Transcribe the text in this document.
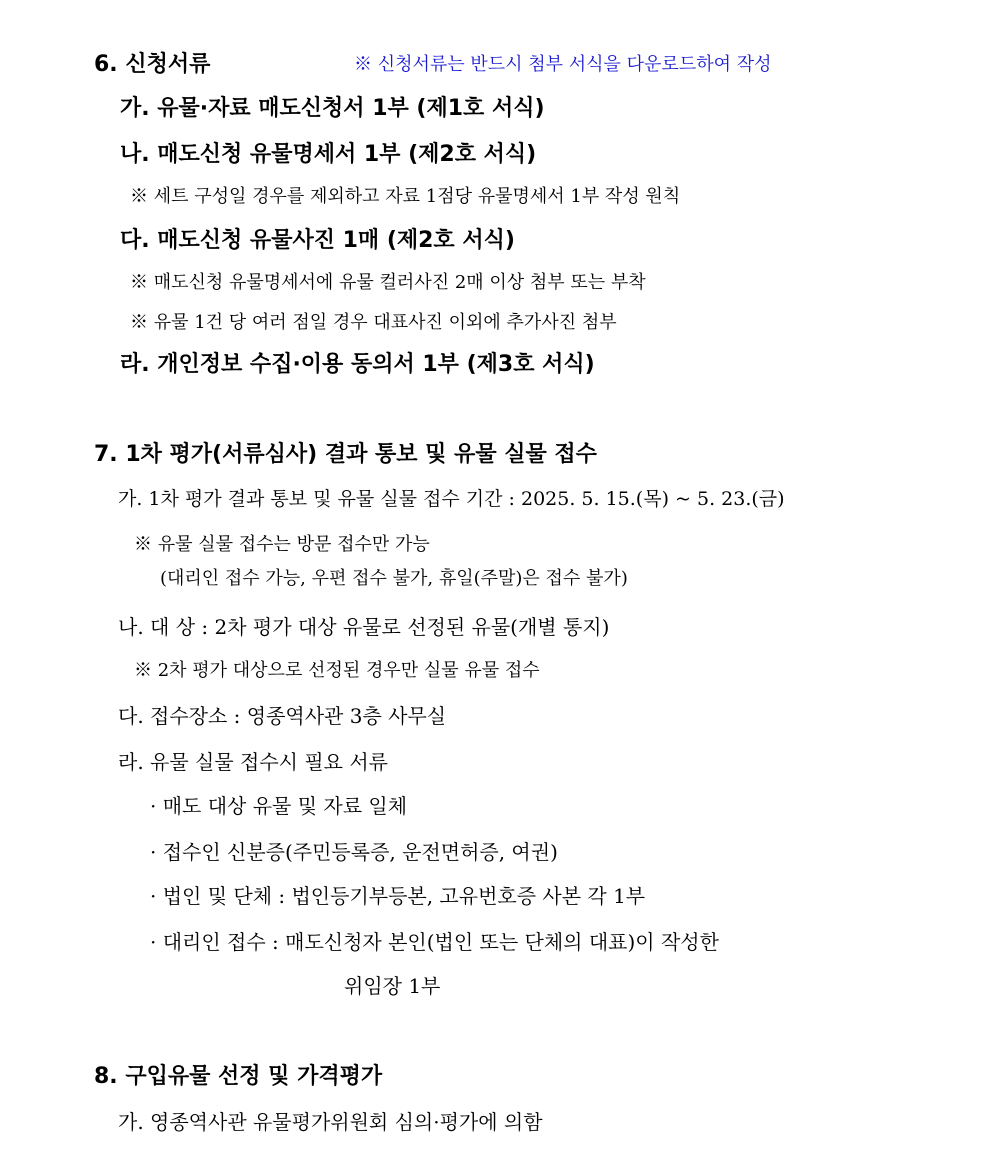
6. 신청서류	※ 신청서류는 반드시 첨부 서식을 다운로드하여 작성
가. 유물·자료 매도신청서 1부 (제1호 서식)
나. 매도신청 유물명세서 1부 (제2호 서식)
※ 세트 구성일 경우를 제외하고 자료 1점당 유물명세서 1부 작성 원칙
다. 매도신청 유물사진 1매 (제2호 서식)
※ 매도신청 유물명세서에 유물 컬러사진 2매 이상 첨부 또는 부착
※ 유물 1건 당 여러 점일 경우 대표사진 이외에 추가사진 첨부
라. 개인정보 수집·이용 동의서 1부 (제3호 서식)
7. 1차 평가(서류심사) 결과 통보 및 유물 실물 접수
가. 1차 평가 결과 통보 및 유물 실물 접수 기간 : 2025. 5. 15.(목) ~ 5. 23.(금)
※ 유물 실물 접수는 방문 접수만 가능
(대리인 접수 가능, 우편 접수 불가, 휴일(주말)은 접수 불가)
나. 대 상 : 2차 평가 대상 유물로 선정된 유물(개별 통지)
※ 2차 평가 대상으로 선정된 경우만 실물 유물 접수
다. 접수장소 : 영종역사관 3층 사무실
라. 유물 실물 접수시 필요 서류
· 매도 대상 유물 및 자료 일체
· 접수인 신분증(주민등록증, 운전면허증, 여권)
· 법인 및 단체 : 법인등기부등본, 고유번호증 사본 각 1부
· 대리인 접수 : 매도신청자 본인(법인 또는 단체의 대표)이 작성한
위임장 1부
8. 구입유물 선정 및 가격평가
가. 영종역사관 유물평가위원회 심의·평가에 의함
